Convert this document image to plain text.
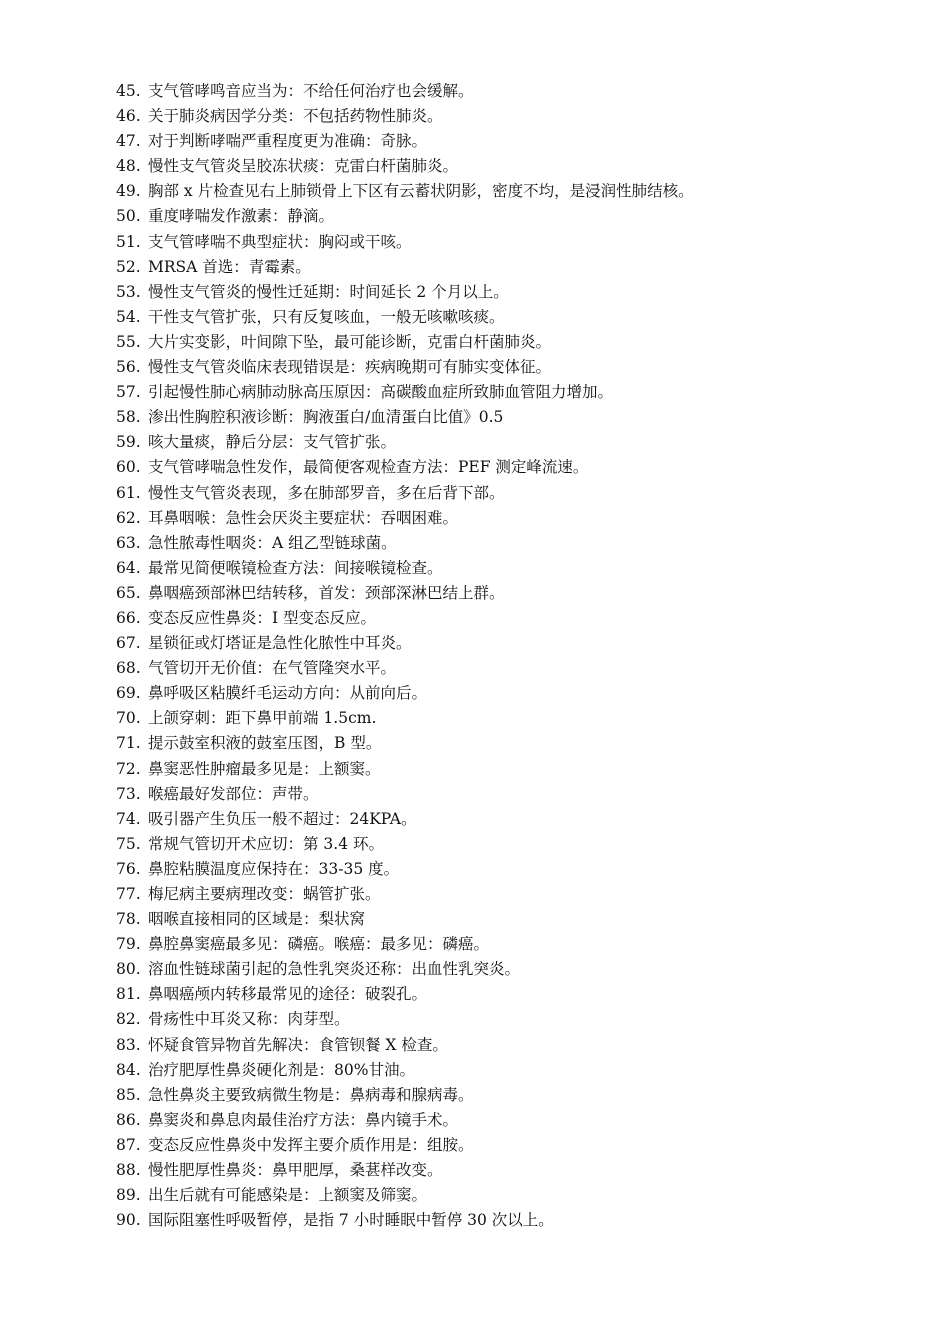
45. 支气管哮鸣音应当为：不给任何治疗也会缓解。
46. 关于肺炎病因学分类：不包括药物性肺炎。
47. 对于判断哮喘严重程度更为准确：奇脉。
48. 慢性支气管炎呈胶冻状痰：克雷白杆菌肺炎。
49. 胸部 x 片检查见右上肺锁骨上下区有云蓄状阴影，密度不均，是浸润性肺结核。
50. 重度哮喘发作激素：静滴。
51. 支气管哮喘不典型症状：胸闷或干咳。
52. MRSA 首选：青霉素。
53. 慢性支气管炎的慢性迁延期：时间延长 2 个月以上。
54. 干性支气管扩张，只有反复咳血，一般无咳嗽咳痰。
55. 大片实变影，叶间隙下坠，最可能诊断，克雷白杆菌肺炎。
56. 慢性支气管炎临床表现错误是：疾病晚期可有肺实变体征。
57. 引起慢性肺心病肺动脉高压原因：高碳酸血症所致肺血管阻力增加。
58. 渗出性胸腔积液诊断：胸液蛋白/血清蛋白比值》0.5
59. 咳大量痰，静后分层：支气管扩张。
60. 支气管哮喘急性发作，最简便客观检查方法：PEF 测定峰流速。
61. 慢性支气管炎表现，多在肺部罗音，多在后背下部。
62. 耳鼻咽喉：急性会厌炎主要症状：吞咽困难。
63. 急性脓毒性咽炎：A 组乙型链球菌。
64. 最常见简便喉镜检查方法：间接喉镜检查。
65. 鼻咽癌颈部淋巴结转移，首发：颈部深淋巴结上群。
66. 变态反应性鼻炎：I 型变态反应。
67. 星锁征或灯塔证是急性化脓性中耳炎。
68. 气管切开无价值：在气管隆突水平。
69. 鼻呼吸区粘膜纤毛运动方向：从前向后。
70. 上颌穿刺：距下鼻甲前端 1.5cm.
71. 提示鼓室积液的鼓室压图，B 型。
72. 鼻窦恶性肿瘤最多见是：上额窦。
73. 喉癌最好发部位：声带。
74. 吸引器产生负压一般不超过：24KPA。
75. 常规气管切开术应切：第 3.4 环。
76. 鼻腔粘膜温度应保持在：33-35 度。
77. 梅尼病主要病理改变：蜗管扩张。
78. 咽喉直接相同的区域是：梨状窝
79. 鼻腔鼻窦癌最多见：磷癌。喉癌：最多见：磷癌。
80. 溶血性链球菌引起的急性乳突炎还称：出血性乳突炎。
81. 鼻咽癌颅内转移最常见的途径：破裂孔。
82. 骨疡性中耳炎又称：肉芽型。
83. 怀疑食管异物首先解决：食管钡餐 X 检查。
84. 治疗肥厚性鼻炎硬化剂是：80%甘油。
85. 急性鼻炎主要致病微生物是：鼻病毒和腺病毒。
86. 鼻窦炎和鼻息肉最佳治疗方法：鼻内镜手术。
87. 变态反应性鼻炎中发挥主要介质作用是：组胺。
88. 慢性肥厚性鼻炎：鼻甲肥厚，桑葚样改变。
89. 出生后就有可能感染是：上额窦及筛窦。
90. 国际阻塞性呼吸暂停，是指 7 小时睡眠中暂停 30 次以上。
